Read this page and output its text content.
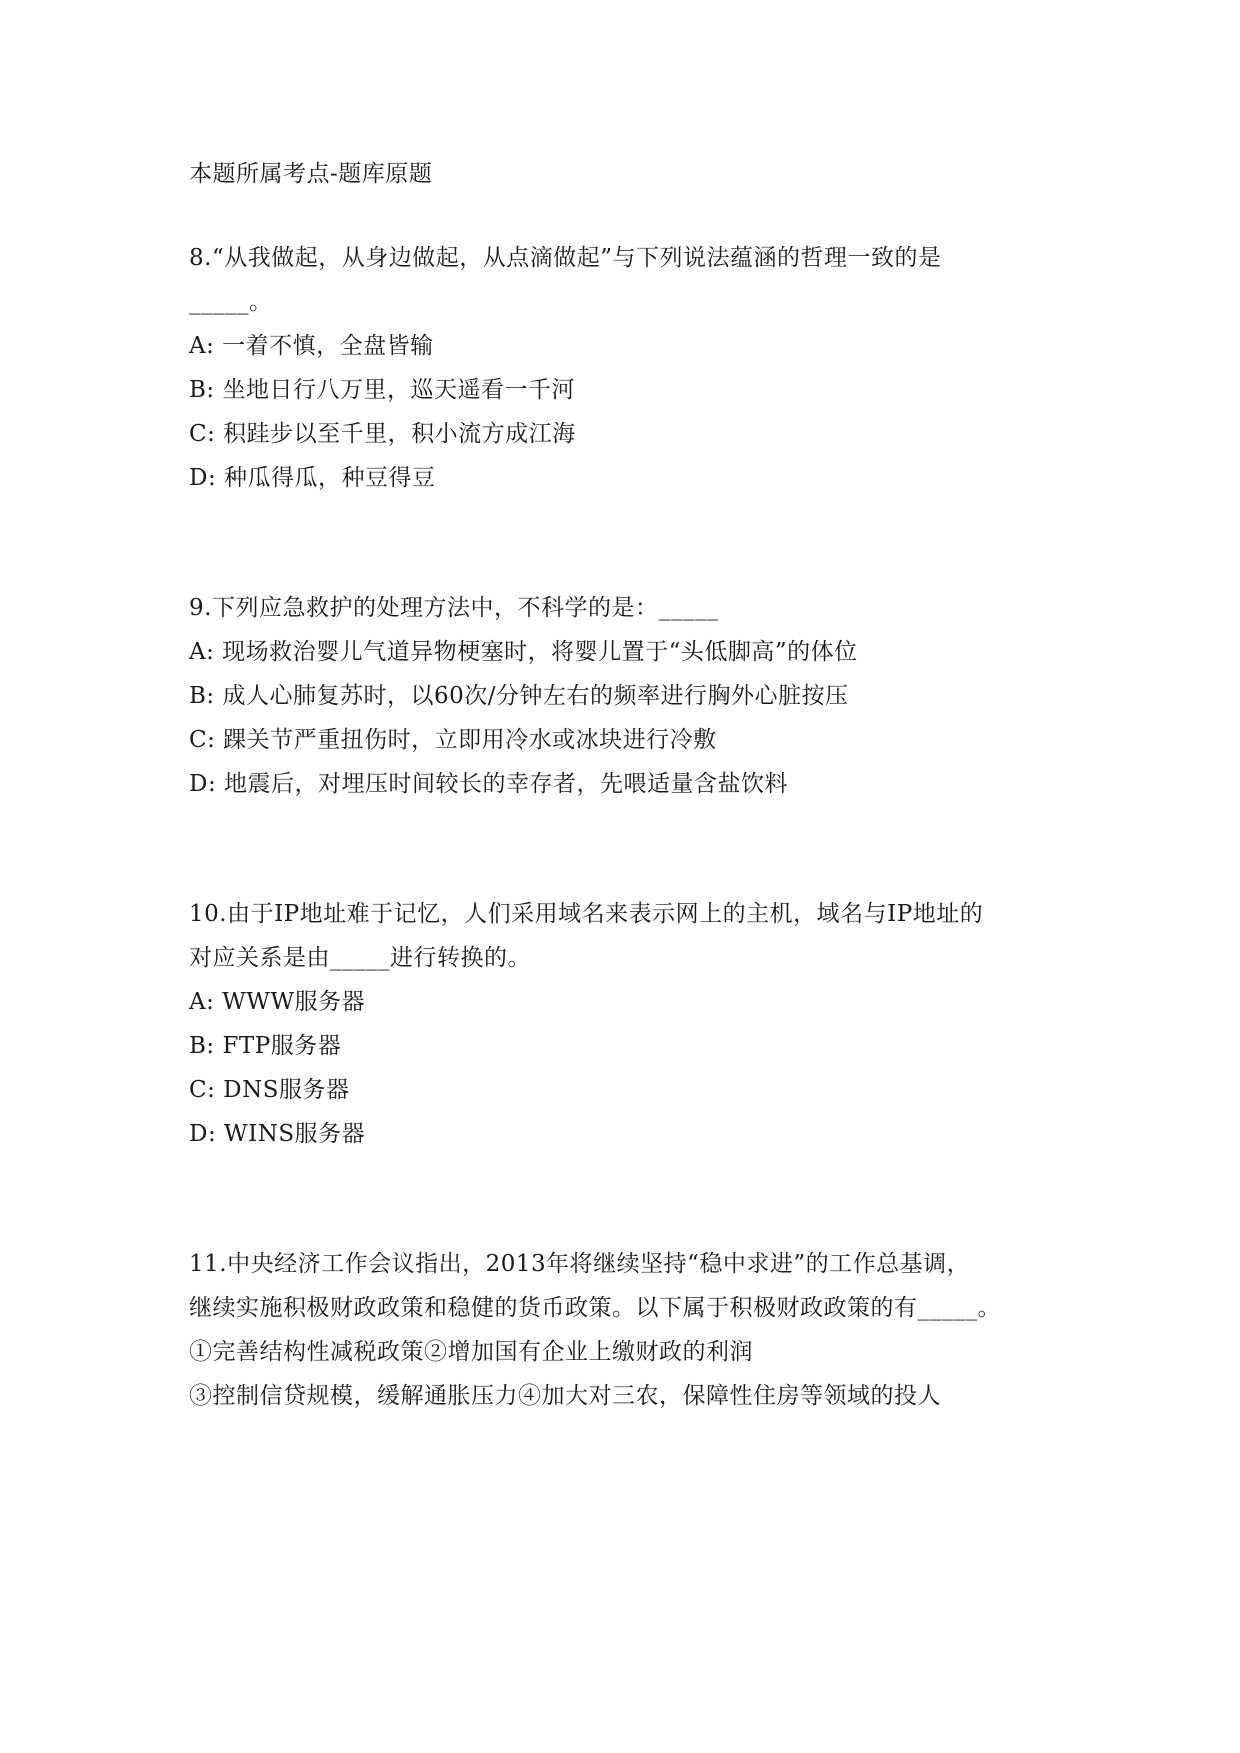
本题所属考点-题库原题
8.“从我做起，从身边做起，从点滴做起”与下列说法蕴涵的哲理一致的是
_____。
A: 一着不慎，全盘皆输
B: 坐地日行八万里，巡天遥看一千河
C: 积跬步以至千里，积小流方成江海
D: 种瓜得瓜，种豆得豆
9.下列应急救护的处理方法中，不科学的是：_____
A: 现场救治婴儿气道异物梗塞时，将婴儿置于“头低脚高”的体位
B: 成人心肺复苏时，以60次/分钟左右的频率进行胸外心脏按压
C: 踝关节严重扭伤时，立即用冷水或冰块进行冷敷
D: 地震后，对埋压时间较长的幸存者，先喂适量含盐饮料
10.由于IP地址难于记忆，人们采用域名来表示网上的主机，域名与IP地址的
对应关系是由_____进行转换的。
A: WWW服务器
B: FTP服务器
C: DNS服务器
D: WINS服务器
11.中央经济工作会议指出，2013年将继续坚持“稳中求进”的工作总基调，
继续实施积极财政政策和稳健的货币政策。以下属于积极财政政策的有_____。
①完善结构性减税政策②增加国有企业上缴财政的利润
③控制信贷规模，缓解通胀压力④加大对三农，保障性住房等领域的投人
